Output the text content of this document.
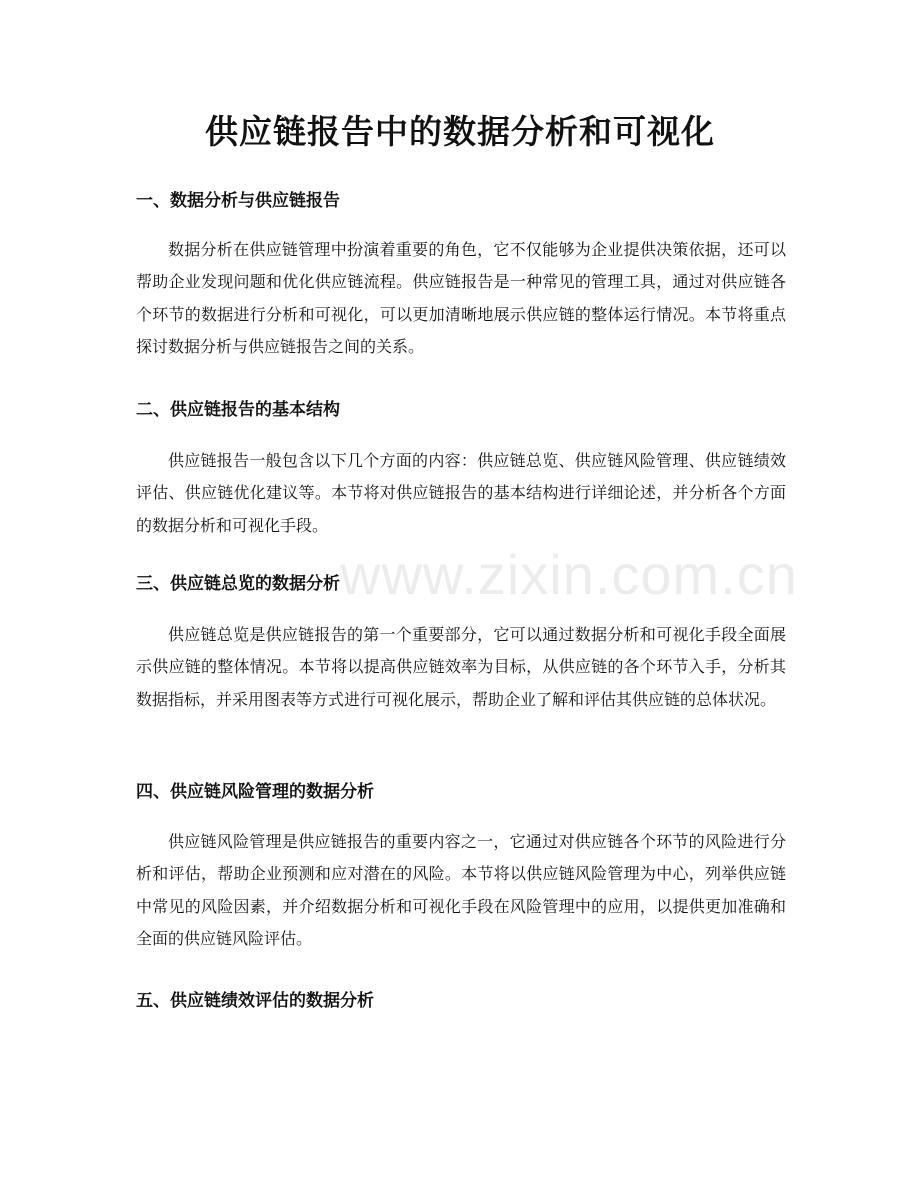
供应链报告中的数据分析和可视化
www.zixin.com.cn
一、数据分析与供应链报告

数据分析在供应链管理中扮演着重要的角色，它不仅能够为企业提供决策依据，还可以帮助企业发现问题和优化供应链流程。供应链报告是一种常见的管理工具，通过对供应链各个环节的数据进行分析和可视化，可以更加清晰地展示供应链的整体运行情况。本节将重点探讨数据分析与供应链报告之间的关系。

二、供应链报告的基本结构

供应链报告一般包含以下几个方面的内容：供应链总览、供应链风险管理、供应链绩效评估、供应链优化建议等。本节将对供应链报告的基本结构进行详细论述，并分析各个方面的数据分析和可视化手段。

三、供应链总览的数据分析

供应链总览是供应链报告的第一个重要部分，它可以通过数据分析和可视化手段全面展示供应链的整体情况。本节将以提高供应链效率为目标，从供应链的各个环节入手，分析其数据指标，并采用图表等方式进行可视化展示，帮助企业了解和评估其供应链的总体状况。

四、供应链风险管理的数据分析

供应链风险管理是供应链报告的重要内容之一，它通过对供应链各个环节的风险进行分析和评估，帮助企业预测和应对潜在的风险。本节将以供应链风险管理为中心，列举供应链中常见的风险因素，并介绍数据分析和可视化手段在风险管理中的应用，以提供更加准确和全面的供应链风险评估。

五、供应链绩效评估的数据分析
